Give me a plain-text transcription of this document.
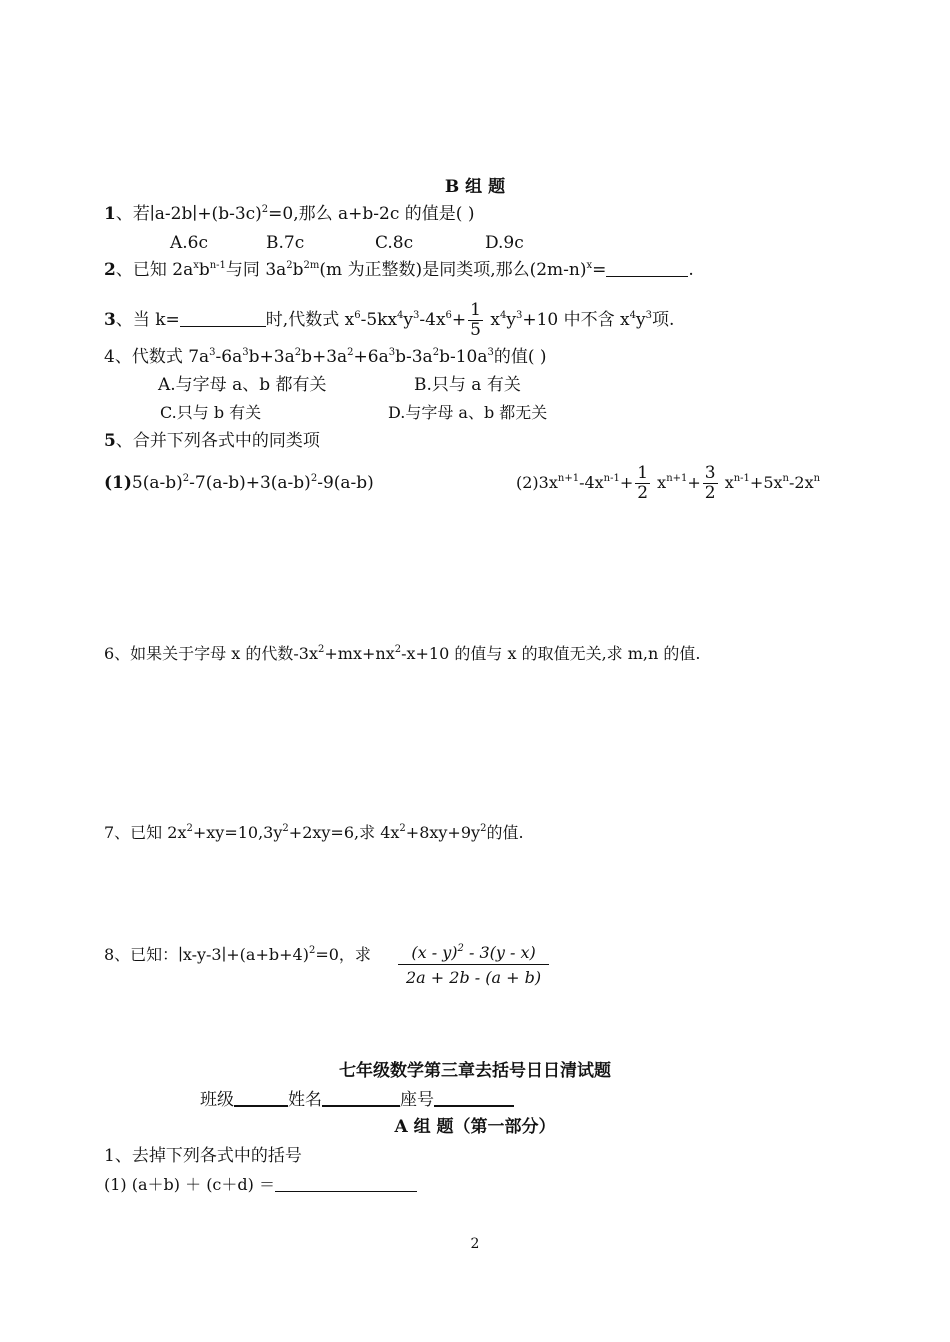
B 组 题
1、若$∣a-2b∣+(b-3c)^2=0$,那么 a+b-2c 的值是( )
A.6c	B.7c	C.8c	D.9c
2、已知 $2a^xb^{n-1}$与同 $3a^2b^{2m}(m$ 为正整数)是同类项,那么$(2m-n)^x=$	.
3、当 k=	时,代数式 $x^6-5kx^4y^3-4x^6+ \frac{1}{5} x^4y^3+10$ 中不含 $x^4y^3$项.
4、代数式 $7a^3-6a^3b+3a^2b+3a^2+6a^3b-3a^2b-10a^3$的值( )
A.与字母 a、b 都有关	B.只与 a 有关
C.只与 b 有关	D.与字母 a、b 都无关
5、合并下列各式中的同类项
$(1)5(a-b)^2-7(a-b)+3(a-b)^2-9(a-b)$	$(2)3x^{n+1}-4x^{n-1}+ \frac{1}{2} x^{n+1}+ \frac{3}{2} x^{n-1}+5x^n-2x^n$
6、如果关于字母 x 的代数$-3x^2+mx+nx^2-x+10$ 的值与 x 的取值无关,求 m,n 的值.
7、已知 $2x^2+xy=10,3y^2+2xy=6$,求 $4x^2+8xy+9y^2$的值.
8、已知：$∣x-y-3∣+(a+b+4)^2=0$，求 $\frac{(x - y)^2 - 3(y - x)}{2a + 2b - (a + b)}$
七年级数学第三章去括号日日清试题
班级	姓名	座号
A 组 题（第一部分）
1、去掉下列各式中的括号
(1) (a＋b) ＋ (c＋d) ＝
2
